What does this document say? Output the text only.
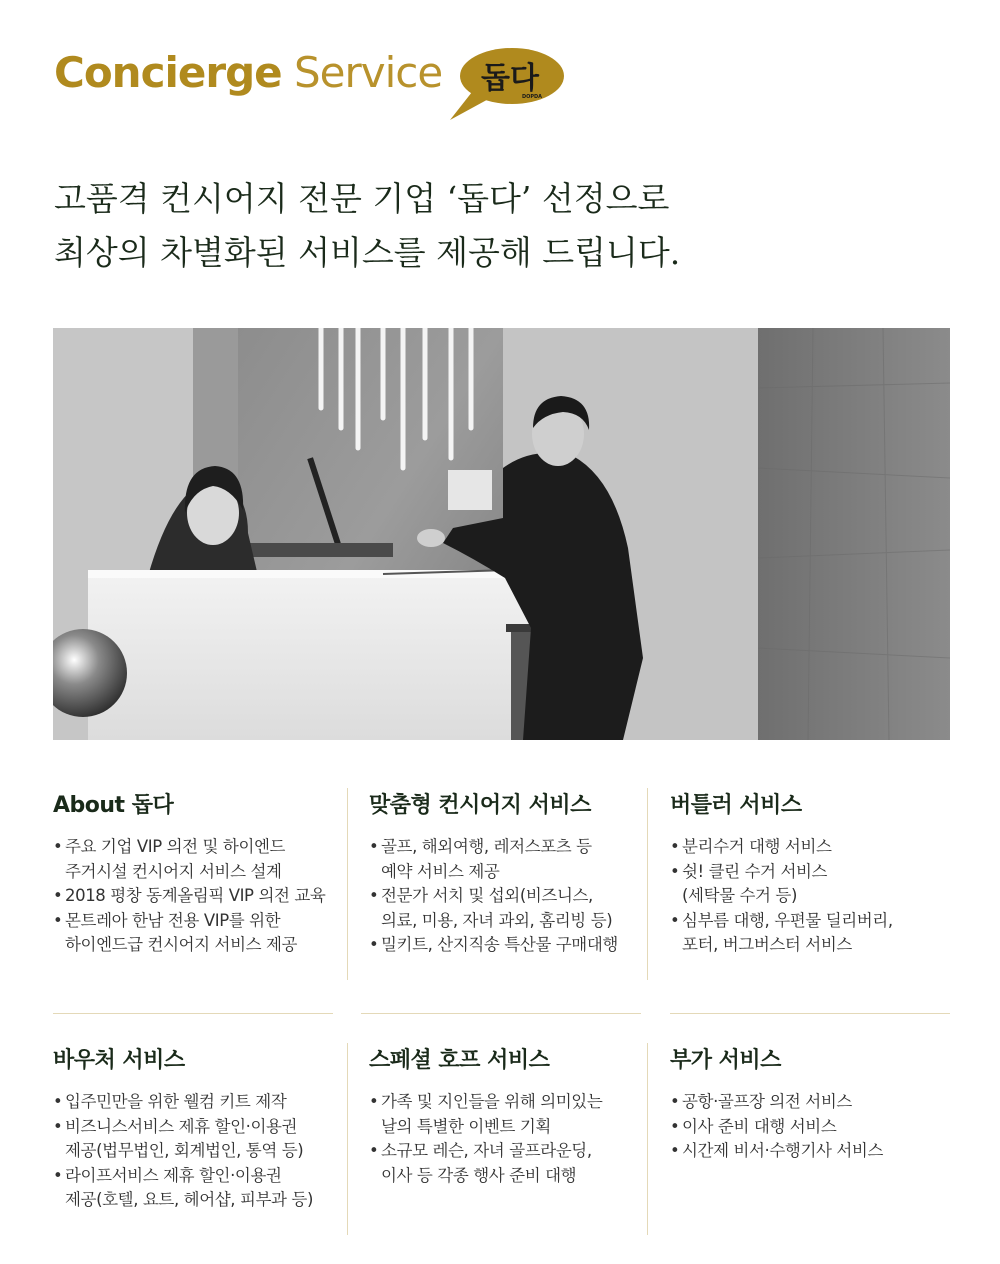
Concierge Service 돕다
DOPDA
고품격 컨시어지 전문 기업 ‘돕다’ 선정으로
최상의 차별화된 서비스를 제공해 드립니다.
About 돕다
• 주요 기업 VIP 의전 및 하이엔드
주거시설 컨시어지 서비스 설계
• 2018 평창 동계올림픽 VIP 의전 교육
• 몬트레아 한남 전용 VIP를 위한
하이엔드급 컨시어지 서비스 제공
맞춤형 컨시어지 서비스
• 골프, 해외여행, 레저스포츠 등
예약 서비스 제공
• 전문가 서치 및 섭외(비즈니스,
의료, 미용, 자녀 과외, 홈리빙 등)
• 밀키트, 산지직송 특산물 구매대행
버틀러 서비스
• 분리수거 대행 서비스
• 쉿! 클린 수거 서비스
(세탁물 수거 등)
• 심부름 대행, 우편물 딜리버리,
포터, 버그버스터 서비스
바우처 서비스
• 입주민만을 위한 웰컴 키트 제작
• 비즈니스서비스 제휴 할인·이용권
제공(법무법인, 회계법인, 통역 등)
• 라이프서비스 제휴 할인·이용권
제공(호텔, 요트, 헤어샵, 피부과 등)
스페셜 호프 서비스
• 가족 및 지인들을 위해 의미있는
날의 특별한 이벤트 기획
• 소규모 레슨, 자녀 골프라운딩,
이사 등 각종 행사 준비 대행
부가 서비스
• 공항·골프장 의전 서비스
• 이사 준비 대행 서비스
• 시간제 비서·수행기사 서비스
